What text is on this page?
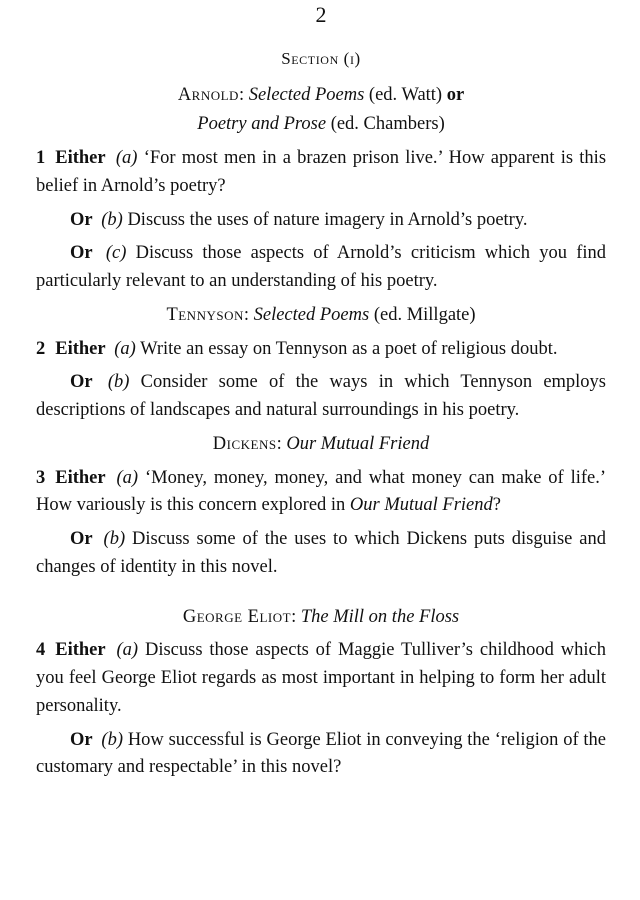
2

Section (i)

Arnold: Selected Poems (ed. Watt) or

Poetry and Prose (ed. Chambers)

1 Either (a) ‘For most men in a brazen prison live.’ How apparent is this belief in Arnold’s poetry?

Or (b) Discuss the uses of nature imagery in Arnold’s poetry.

Or (c) Discuss those aspects of Arnold’s criticism which you find particularly relevant to an understanding of his poetry.

Tennyson: Selected Poems (ed. Millgate)

2 Either (a) Write an essay on Tennyson as a poet of religious doubt.

Or (b) Consider some of the ways in which Tennyson employs descriptions of landscapes and natural surroundings in his poetry.

Dickens: Our Mutual Friend

3 Either (a) ‘Money, money, money, and what money can make of life.’ How variously is this concern explored in Our Mutual Friend?

Or (b) Discuss some of the uses to which Dickens puts disguise and changes of identity in this novel.

George Eliot: The Mill on the Floss

4 Either (a) Discuss those aspects of Maggie Tulliver’s childhood which you feel George Eliot regards as most important in helping to form her adult personality.

Or (b) How successful is George Eliot in conveying the ‘religion of the customary and respectable’ in this novel?
